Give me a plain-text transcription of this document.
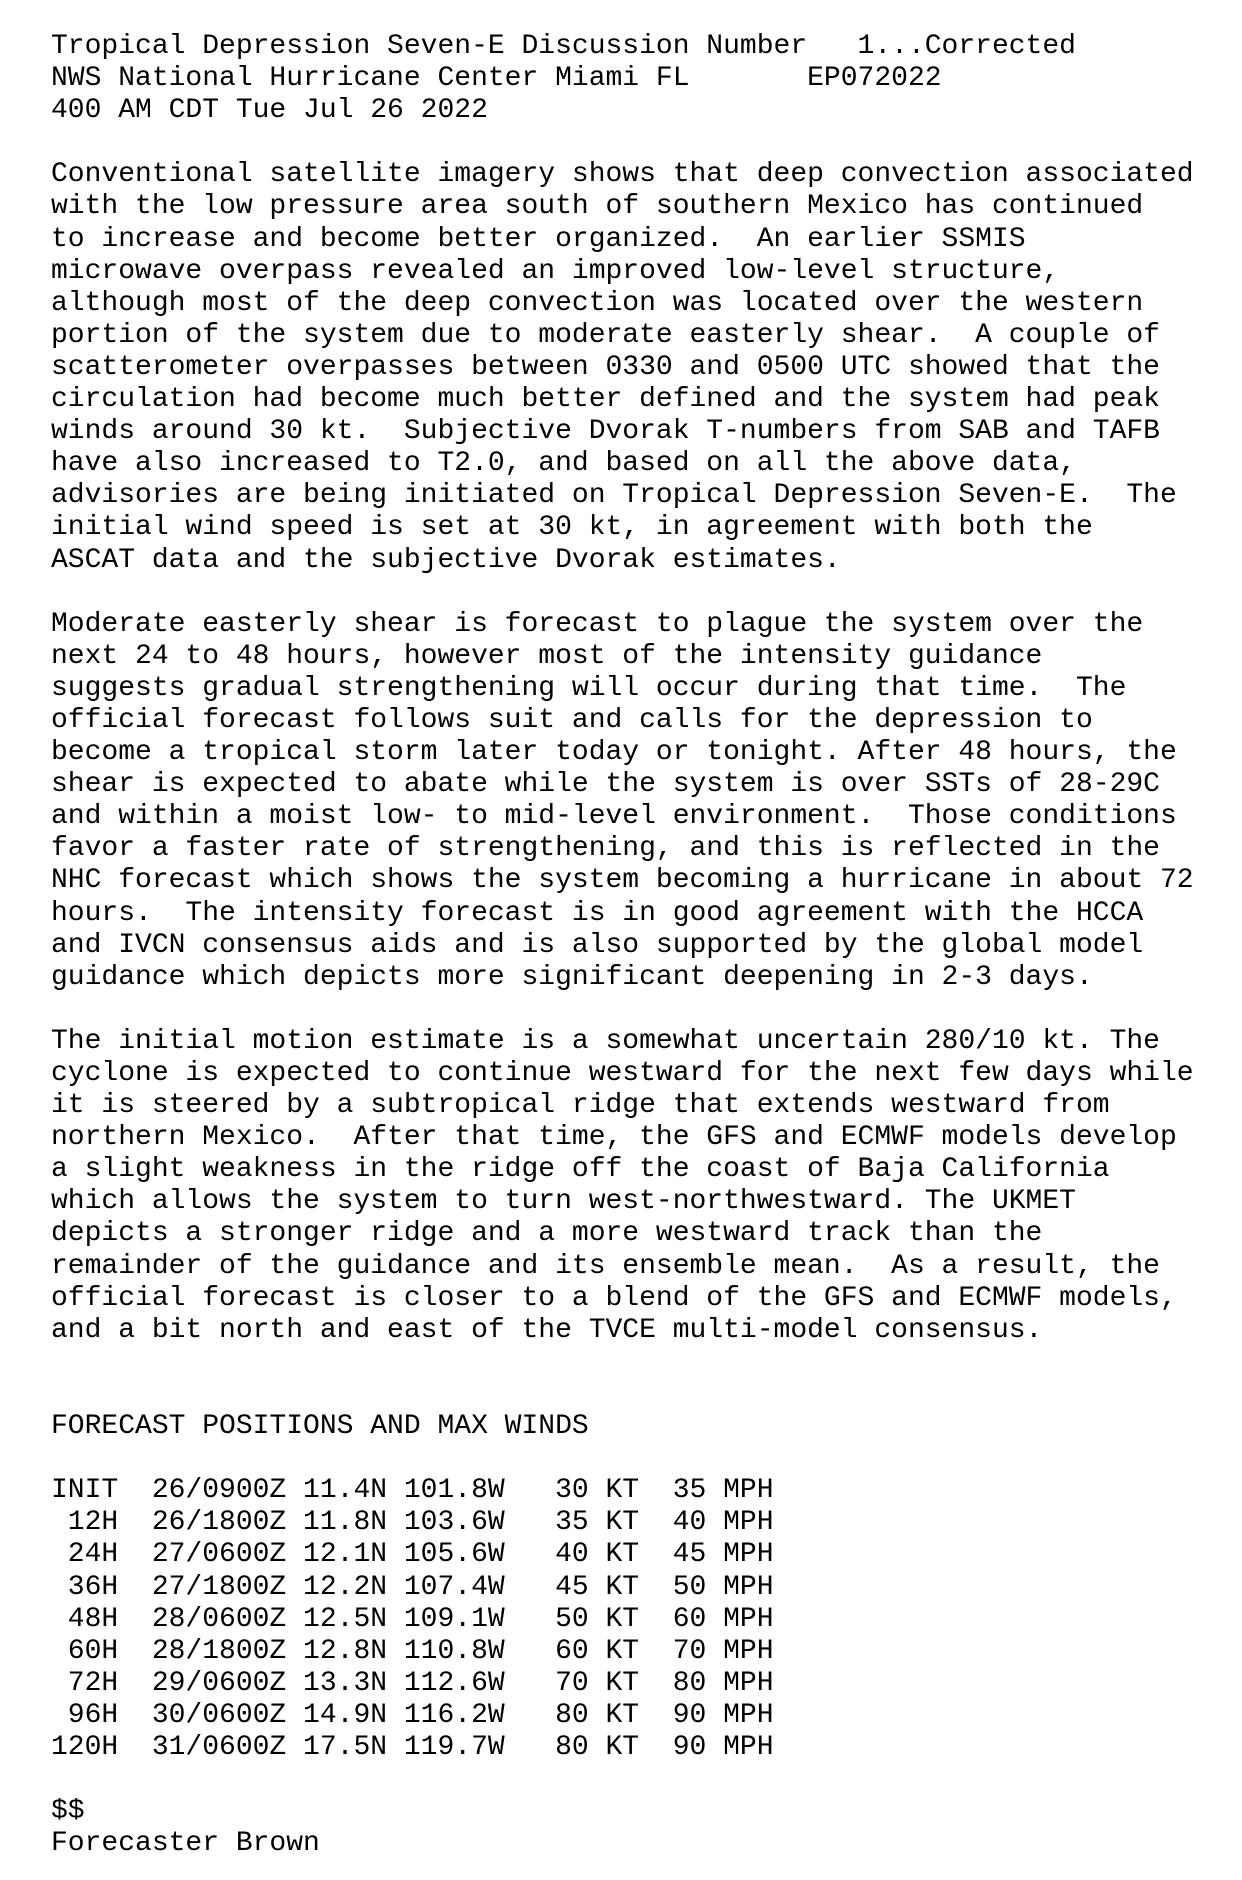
Tropical Depression Seven-E Discussion Number   1...Corrected
NWS National Hurricane Center Miami FL       EP072022
400 AM CDT Tue Jul 26 2022

Conventional satellite imagery shows that deep convection associated
with the low pressure area south of southern Mexico has continued
to increase and become better organized.  An earlier SSMIS
microwave overpass revealed an improved low-level structure,
although most of the deep convection was located over the western
portion of the system due to moderate easterly shear.  A couple of
scatterometer overpasses between 0330 and 0500 UTC showed that the
circulation had become much better defined and the system had peak
winds around 30 kt.  Subjective Dvorak T-numbers from SAB and TAFB
have also increased to T2.0, and based on all the above data,
advisories are being initiated on Tropical Depression Seven-E.  The
initial wind speed is set at 30 kt, in agreement with both the
ASCAT data and the subjective Dvorak estimates.

Moderate easterly shear is forecast to plague the system over the
next 24 to 48 hours, however most of the intensity guidance
suggests gradual strengthening will occur during that time.  The
official forecast follows suit and calls for the depression to
become a tropical storm later today or tonight. After 48 hours, the
shear is expected to abate while the system is over SSTs of 28-29C
and within a moist low- to mid-level environment.  Those conditions
favor a faster rate of strengthening, and this is reflected in the
NHC forecast which shows the system becoming a hurricane in about 72
hours.  The intensity forecast is in good agreement with the HCCA
and IVCN consensus aids and is also supported by the global model
guidance which depicts more significant deepening in 2-3 days.

The initial motion estimate is a somewhat uncertain 280/10 kt. The
cyclone is expected to continue westward for the next few days while
it is steered by a subtropical ridge that extends westward from
northern Mexico.  After that time, the GFS and ECMWF models develop
a slight weakness in the ridge off the coast of Baja California
which allows the system to turn west-northwestward. The UKMET
depicts a stronger ridge and a more westward track than the
remainder of the guidance and its ensemble mean.  As a result, the
official forecast is closer to a blend of the GFS and ECMWF models,
and a bit north and east of the TVCE multi-model consensus.

FORECAST POSITIONS AND MAX WINDS

INIT  26/0900Z 11.4N 101.8W   30 KT  35 MPH
12H  26/1800Z 11.8N 103.6W   35 KT  40 MPH
24H  27/0600Z 12.1N 105.6W   40 KT  45 MPH
36H  27/1800Z 12.2N 107.4W   45 KT  50 MPH
48H  28/0600Z 12.5N 109.1W   50 KT  60 MPH
60H  28/1800Z 12.8N 110.8W   60 KT  70 MPH
72H  29/0600Z 13.3N 112.6W   70 KT  80 MPH
96H  30/0600Z 14.9N 116.2W   80 KT  90 MPH
120H  31/0600Z 17.5N 119.7W   80 KT  90 MPH

$$
Forecaster Brown
